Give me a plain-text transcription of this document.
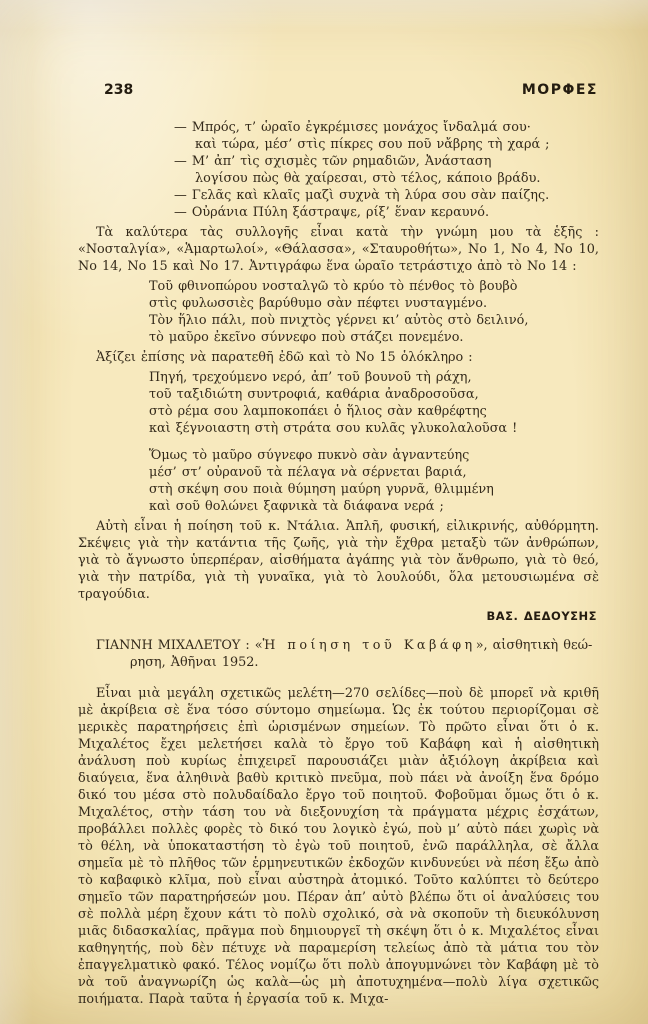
238	ΜΟΡΦΕΣ
— Μπρός, τ’ ὡραῖο ἐγκρέμισες μονάχος ἴνδαλμά σου·
καὶ τώρα, μέσ’ στὶς πίκρες σου ποῦ νἄβρης τὴ χαρά ;
— Μ’ ἀπ’ τὶς σχισμὲς τῶν ρημαδιῶν, Ἀνάσταση
λογίσου πὼς θὰ χαίρεσαι, στὸ τέλος, κάποιο βράδυ.
— Γελᾶς καὶ κλαῖς μαζὶ συχνὰ τὴ λύρα σου σὰν παίζης.
— Οὐράνια Πύλη ξάστραψε, ρίξ’ ἕναν κεραυνό.
Τὰ καλύτερα τὰς συλλογῆς εἶναι κατὰ τὴν γνώμη μου τὰ ἑξῆς : «Νοσταλγία», «Ἁμαρτωλοί», «Θάλασσα», «Σταυροθήτω», Νο 1, Νο 4, Νο 10, Νο 14, Νο 15 καὶ Νο 17. Ἀντιγράφω ἕνα ὡραῖο τετράστιχο ἀπὸ τὸ Νο 14 :
Τοῦ φθινοπώρου νοσταλγῶ τὸ κρύο τὸ πένθος τὸ βουβὸ
στὶς φυλωσσιὲς βαρύθυμο σὰν πέφτει νυσταγμένο.
Τὸν ἥλιο πάλι, ποὺ πνιχτὸς γέρνει κι’ αὐτὸς στὸ δειλινό,
τὸ μαῦρο ἐκεῖνο σύννεφο ποὺ στάζει πονεμένο.
Ἀξίζει ἐπίσης νὰ παρατεθῆ ἐδῶ καὶ τὸ Νο 15 ὁλόκληρο :
Πηγή, τρεχούμενο νερό, ἀπ’ τοῦ βουνοῦ τὴ ράχη,
τοῦ ταξιδιώτη συντροφιά, καθάρια ἀναδροσοῦσα,
στὸ ρέμα σου λαμποκοπάει ὁ ἥλιος σὰν καθρέφτης
καὶ ξέγνοιαστη στὴ στράτα σου κυλᾶς γλυκολαλοῦσα !
Ὅμως τὸ μαῦρο σύγνεφο πυκνὸ σὰν ἀγναντεύης
μέσ’ στ’ οὐρανοῦ τὰ πέλαγα νὰ σέρνεται βαριά,
στὴ σκέψη σου ποιὰ θύμηση μαύρη γυρνᾶ, θλιμμένη
καὶ σοῦ θολώνει ξαφνικὰ τὰ διάφανα νερά ;
Αὐτὴ εἶναι ἡ ποίηση τοῦ κ. Ντάλια. Ἁπλῆ, φυσική, εἰλικρινής, αὐθόρμητη. Σκέψεις γιὰ τὴν κατάντια τῆς ζωῆς, γιὰ τὴν ἔχθρα μεταξὺ τῶν ἀνθρώπων, γιὰ τὸ ἄγνωστο ὑπερπέραν, αἰσθήματα ἀγάπης γιὰ τὸν ἄνθρωπο, γιὰ τὸ θεό, γιὰ τὴν πατρίδα, γιὰ τὴ γυναῖκα, γιὰ τὸ λουλούδι, ὅλα μετουσιωμένα σὲ τραγούδια.
ΒΑΣ. ΔΕΔΟΥΣΗΣ
ΓΙΑΝΝΗ ΜΙΧΑΛΕΤΟΥ : «Ἡ ποίηση τοῦ Καβάφη», αἰσθητικὴ θεώ-
ρηση, Ἀθῆναι 1952.
Εἶναι μιὰ μεγάλη σχετικῶς μελέτη—270 σελίδες—ποὺ δὲ μπορεῖ νὰ κριθῆ μὲ ἀκρίβεια σὲ ἕνα τόσο σύντομο σημείωμα. Ὡς ἐκ τούτου περιορίζομαι σὲ μερικὲς παρατηρήσεις ἐπὶ ὡρισμένων σημείων. Τὸ πρῶτο εἶναι ὅτι ὁ κ. Μιχαλέτος ἔχει μελετήσει καλὰ τὸ ἔργο τοῦ Καβάφη καὶ ἡ αἰσθητικὴ ἀνάλυση ποὺ κυρίως ἐπιχειρεῖ παρουσιάζει μιὰν ἀξιόλογη ἀκρίβεια καὶ διαύγεια, ἕνα ἀληθινὰ βαθὺ κριτικὸ πνεῦμα, ποὺ πάει νὰ ἀνοίξη ἕνα δρόμο δικό του μέσα στὸ πολυδαίδαλο ἔργο τοῦ ποιητοῦ. Φοβοῦμαι ὅμως ὅτι ὁ κ. Μιχαλέτος, στὴν τάση του νὰ διεξονυχίση τὰ πράγματα μέχρις ἐσχάτων, προβάλλει πολλὲς φορὲς τὸ δικό του λογικὸ ἐγώ, ποὺ μ’ αὐτὸ πάει χωρὶς νὰ τὸ θέλη, νὰ ὑποκαταστήση τὸ ἐγὼ τοῦ ποιητοῦ, ἐνῶ παράλληλα, σὲ ἄλλα σημεῖα μὲ τὸ πλῆθος τῶν ἑρμηνευτικῶν ἐκδοχῶν κινδυνεύει νὰ πέση ἔξω ἀπὸ τὸ καβαφικὸ κλῖμα, ποὺ εἶναι αὐστηρὰ ἀτομικό. Τοῦτο καλύπτει τὸ δεύτερο σημεῖο τῶν παρατηρήσεών μου. Πέραν ἀπ’ αὐτὸ βλέπω ὅτι οἱ ἀναλύσεις του σὲ πολλὰ μέρη ἔχουν κάτι τὸ πολὺ σχολικό, σὰ νὰ σκοποῦν τὴ διευκόλυνση μιᾶς διδασκαλίας, πρᾶγμα ποὺ δημιουργεῖ τὴ σκέψη ὅτι ὁ κ. Μιχαλέτος εἶναι καθηγητής, ποὺ δὲν πέτυχε νὰ παραμερίση τελείως ἀπὸ τὰ μάτια του τὸν ἐπαγγελματικὸ φακό. Τέλος νομίζω ὅτι πολὺ ἀπογυμνώνει τὸν Καβάφη μὲ τὸ νὰ τοῦ ἀναγνωρίζη ὡς καλὰ—ὡς μὴ ἀποτυχημένα—πολὺ λίγα σχετικῶς ποιήματα. Παρὰ ταῦτα ἡ ἐργασία τοῦ κ. Μιχα-
